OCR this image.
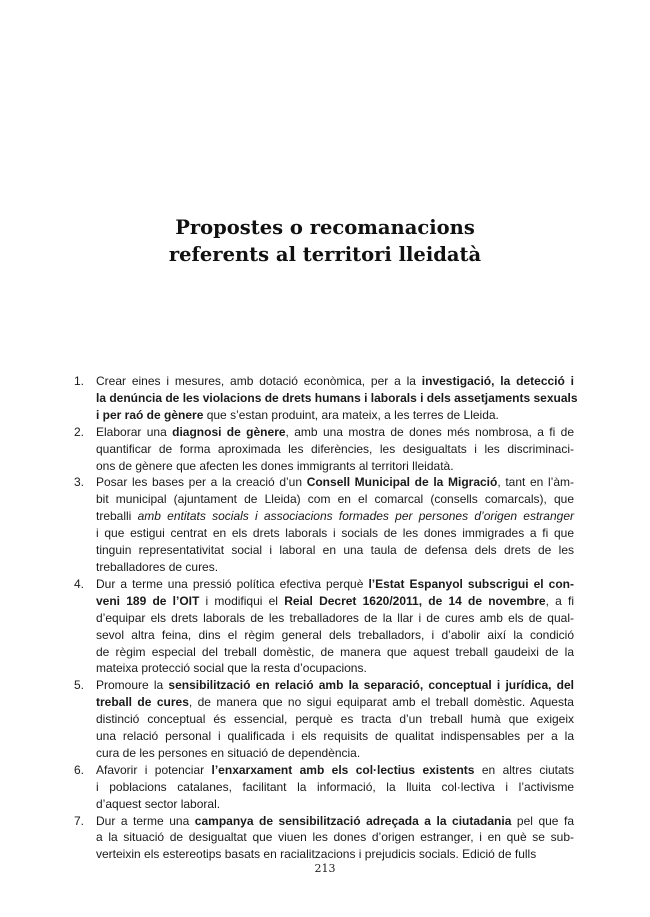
Propostes o recomanacions
referents al territori lleidatà
1. Crear eines i mesures, amb dotació econòmica, per a la investigació, la detecció i
la denúncia de les violacions de drets humans i laborals i dels assetjaments sexuals
i per raó de gènere que s’estan produint, ara mateix, a les terres de Lleida.
2. Elaborar una diagnosi de gènere, amb una mostra de dones més nombrosa, a fi de
quantificar de forma aproximada les diferències, les desigualtats i les discriminaci-
ons de gènere que afecten les dones immigrants al territori lleidatà.
3. Posar les bases per a la creació d’un Consell Municipal de la Migració, tant en l’àm-
bit municipal (ajuntament de Lleida) com en el comarcal (consells comarcals), que
treballi amb entitats socials i associacions formades per persones d’origen estranger
i que estigui centrat en els drets laborals i socials de les dones immigrades a fi que
tinguin representativitat social i laboral en una taula de defensa dels drets de les
treballadores de cures.
4. Dur a terme una pressió política efectiva perquè l’Estat Espanyol subscrigui el con-
veni 189 de l’OIT i modifiqui el Reial Decret 1620/2011, de 14 de novembre, a fi
d’equipar els drets laborals de les treballadores de la llar i de cures amb els de qual-
sevol altra feina, dins el règim general dels treballadors, i d’abolir així la condició
de règim especial del treball domèstic, de manera que aquest treball gaudeixi de la
mateixa protecció social que la resta d’ocupacions.
5. Promoure la sensibilització en relació amb la separació, conceptual i jurídica, del
treball de cures, de manera que no sigui equiparat amb el treball domèstic. Aquesta
distinció conceptual és essencial, perquè es tracta d’un treball humà que exigeix
una relació personal i qualificada i els requisits de qualitat indispensables per a la
cura de les persones en situació de dependència.
6. Afavorir i potenciar l’enxarxament amb els col·lectius existents en altres ciutats
i poblacions catalanes, facilitant la informació, la lluita col·lectiva i l’activisme
d’aquest sector laboral.
7. Dur a terme una campanya de sensibilització adreçada a la ciutadania pel que fa
a la situació de desigualtat que viuen les dones d’origen estranger, i en què se sub-
verteixin els estereotips basats en racialitzacions i prejudicis socials. Edició de fulls
213
